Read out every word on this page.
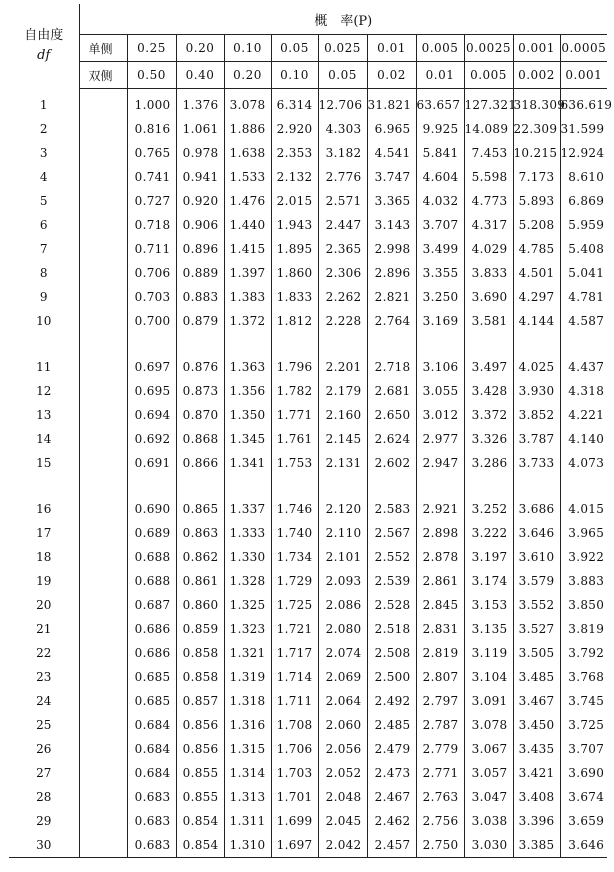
自由度
df	概　率(P)										
	单侧	0.25	0.20	0.10	0.05	0.025	0.01	0.005	0.0025	0.001	0.0005
	双侧	0.50	0.40	0.20	0.10	0.05	0.02	0.01	0.005	0.002	0.001

1		1.000	1.376	3.078	6.314	12.706	31.821	63.657	127.321	318.309	636.619
2		0.816	1.061	1.886	2.920	4.303	6.965	9.925	14.089	22.309	31.599
3		0.765	0.978	1.638	2.353	3.182	4.541	5.841	7.453	10.215	12.924
4		0.741	0.941	1.533	2.132	2.776	3.747	4.604	5.598	7.173	8.610
5		0.727	0.920	1.476	2.015	2.571	3.365	4.032	4.773	5.893	6.869
6		0.718	0.906	1.440	1.943	2.447	3.143	3.707	4.317	5.208	5.959
7		0.711	0.896	1.415	1.895	2.365	2.998	3.499	4.029	4.785	5.408
8		0.706	0.889	1.397	1.860	2.306	2.896	3.355	3.833	4.501	5.041
9		0.703	0.883	1.383	1.833	2.262	2.821	3.250	3.690	4.297	4.781
10		0.700	0.879	1.372	1.812	2.228	2.764	3.169	3.581	4.144	4.587

11		0.697	0.876	1.363	1.796	2.201	2.718	3.106	3.497	4.025	4.437
12		0.695	0.873	1.356	1.782	2.179	2.681	3.055	3.428	3.930	4.318
13		0.694	0.870	1.350	1.771	2.160	2.650	3.012	3.372	3.852	4.221
14		0.692	0.868	1.345	1.761	2.145	2.624	2.977	3.326	3.787	4.140
15		0.691	0.866	1.341	1.753	2.131	2.602	2.947	3.286	3.733	4.073

16		0.690	0.865	1.337	1.746	2.120	2.583	2.921	3.252	3.686	4.015
17		0.689	0.863	1.333	1.740	2.110	2.567	2.898	3.222	3.646	3.965
18		0.688	0.862	1.330	1.734	2.101	2.552	2.878	3.197	3.610	3.922
19		0.688	0.861	1.328	1.729	2.093	2.539	2.861	3.174	3.579	3.883
20		0.687	0.860	1.325	1.725	2.086	2.528	2.845	3.153	3.552	3.850
21		0.686	0.859	1.323	1.721	2.080	2.518	2.831	3.135	3.527	3.819
22		0.686	0.858	1.321	1.717	2.074	2.508	2.819	3.119	3.505	3.792
23		0.685	0.858	1.319	1.714	2.069	2.500	2.807	3.104	3.485	3.768
24		0.685	0.857	1.318	1.711	2.064	2.492	2.797	3.091	3.467	3.745
25		0.684	0.856	1.316	1.708	2.060	2.485	2.787	3.078	3.450	3.725
26		0.684	0.856	1.315	1.706	2.056	2.479	2.779	3.067	3.435	3.707
27		0.684	0.855	1.314	1.703	2.052	2.473	2.771	3.057	3.421	3.690
28		0.683	0.855	1.313	1.701	2.048	2.467	2.763	3.047	3.408	3.674
29		0.683	0.854	1.311	1.699	2.045	2.462	2.756	3.038	3.396	3.659
30		0.683	0.854	1.310	1.697	2.042	2.457	2.750	3.030	3.385	3.646
